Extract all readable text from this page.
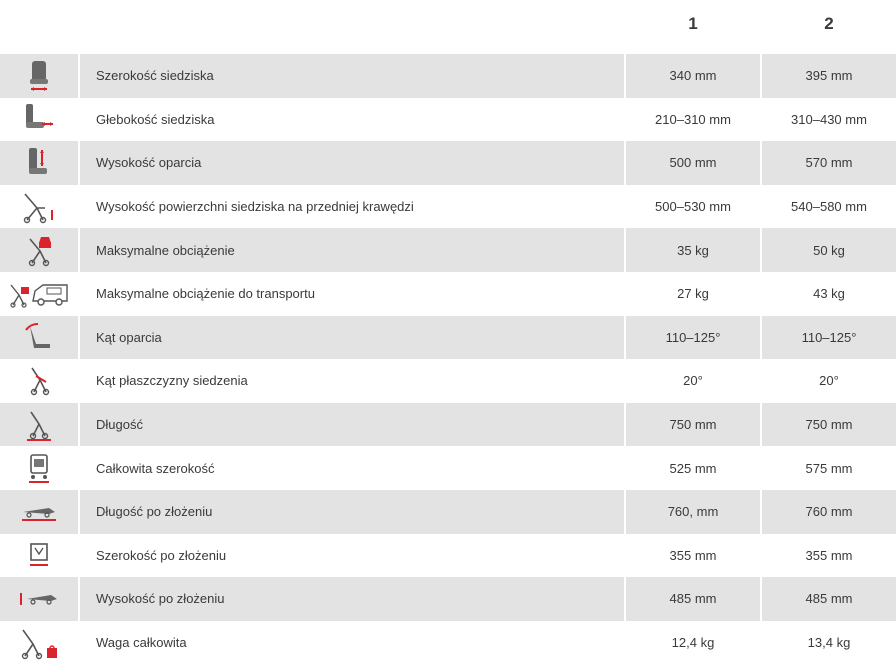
1	2
Szerokość siedziska	340 mm	395 mm
Głebokość siedziska	210–310 mm	310–430 mm
Wysokość oparcia	500 mm	570 mm
Wysokość powierzchni siedziska na przedniej krawędzi	500–530 mm	540–580 mm
Maksymalne obciążenie	35 kg	50 kg
Maksymalne obciążenie do transportu	27 kg	43 kg
Kąt oparcia	110–125°	110–125°
Kąt płaszczyzny siedzenia	20°	20°
Długość	750 mm	750 mm
Całkowita szerokość	525 mm	575 mm
Długość po złożeniu	760, mm	760 mm
Szerokość po złożeniu	355 mm	355 mm
Wysokość po złożeniu	485 mm	485 mm
Waga całkowita	12,4 kg	13,4 kg
